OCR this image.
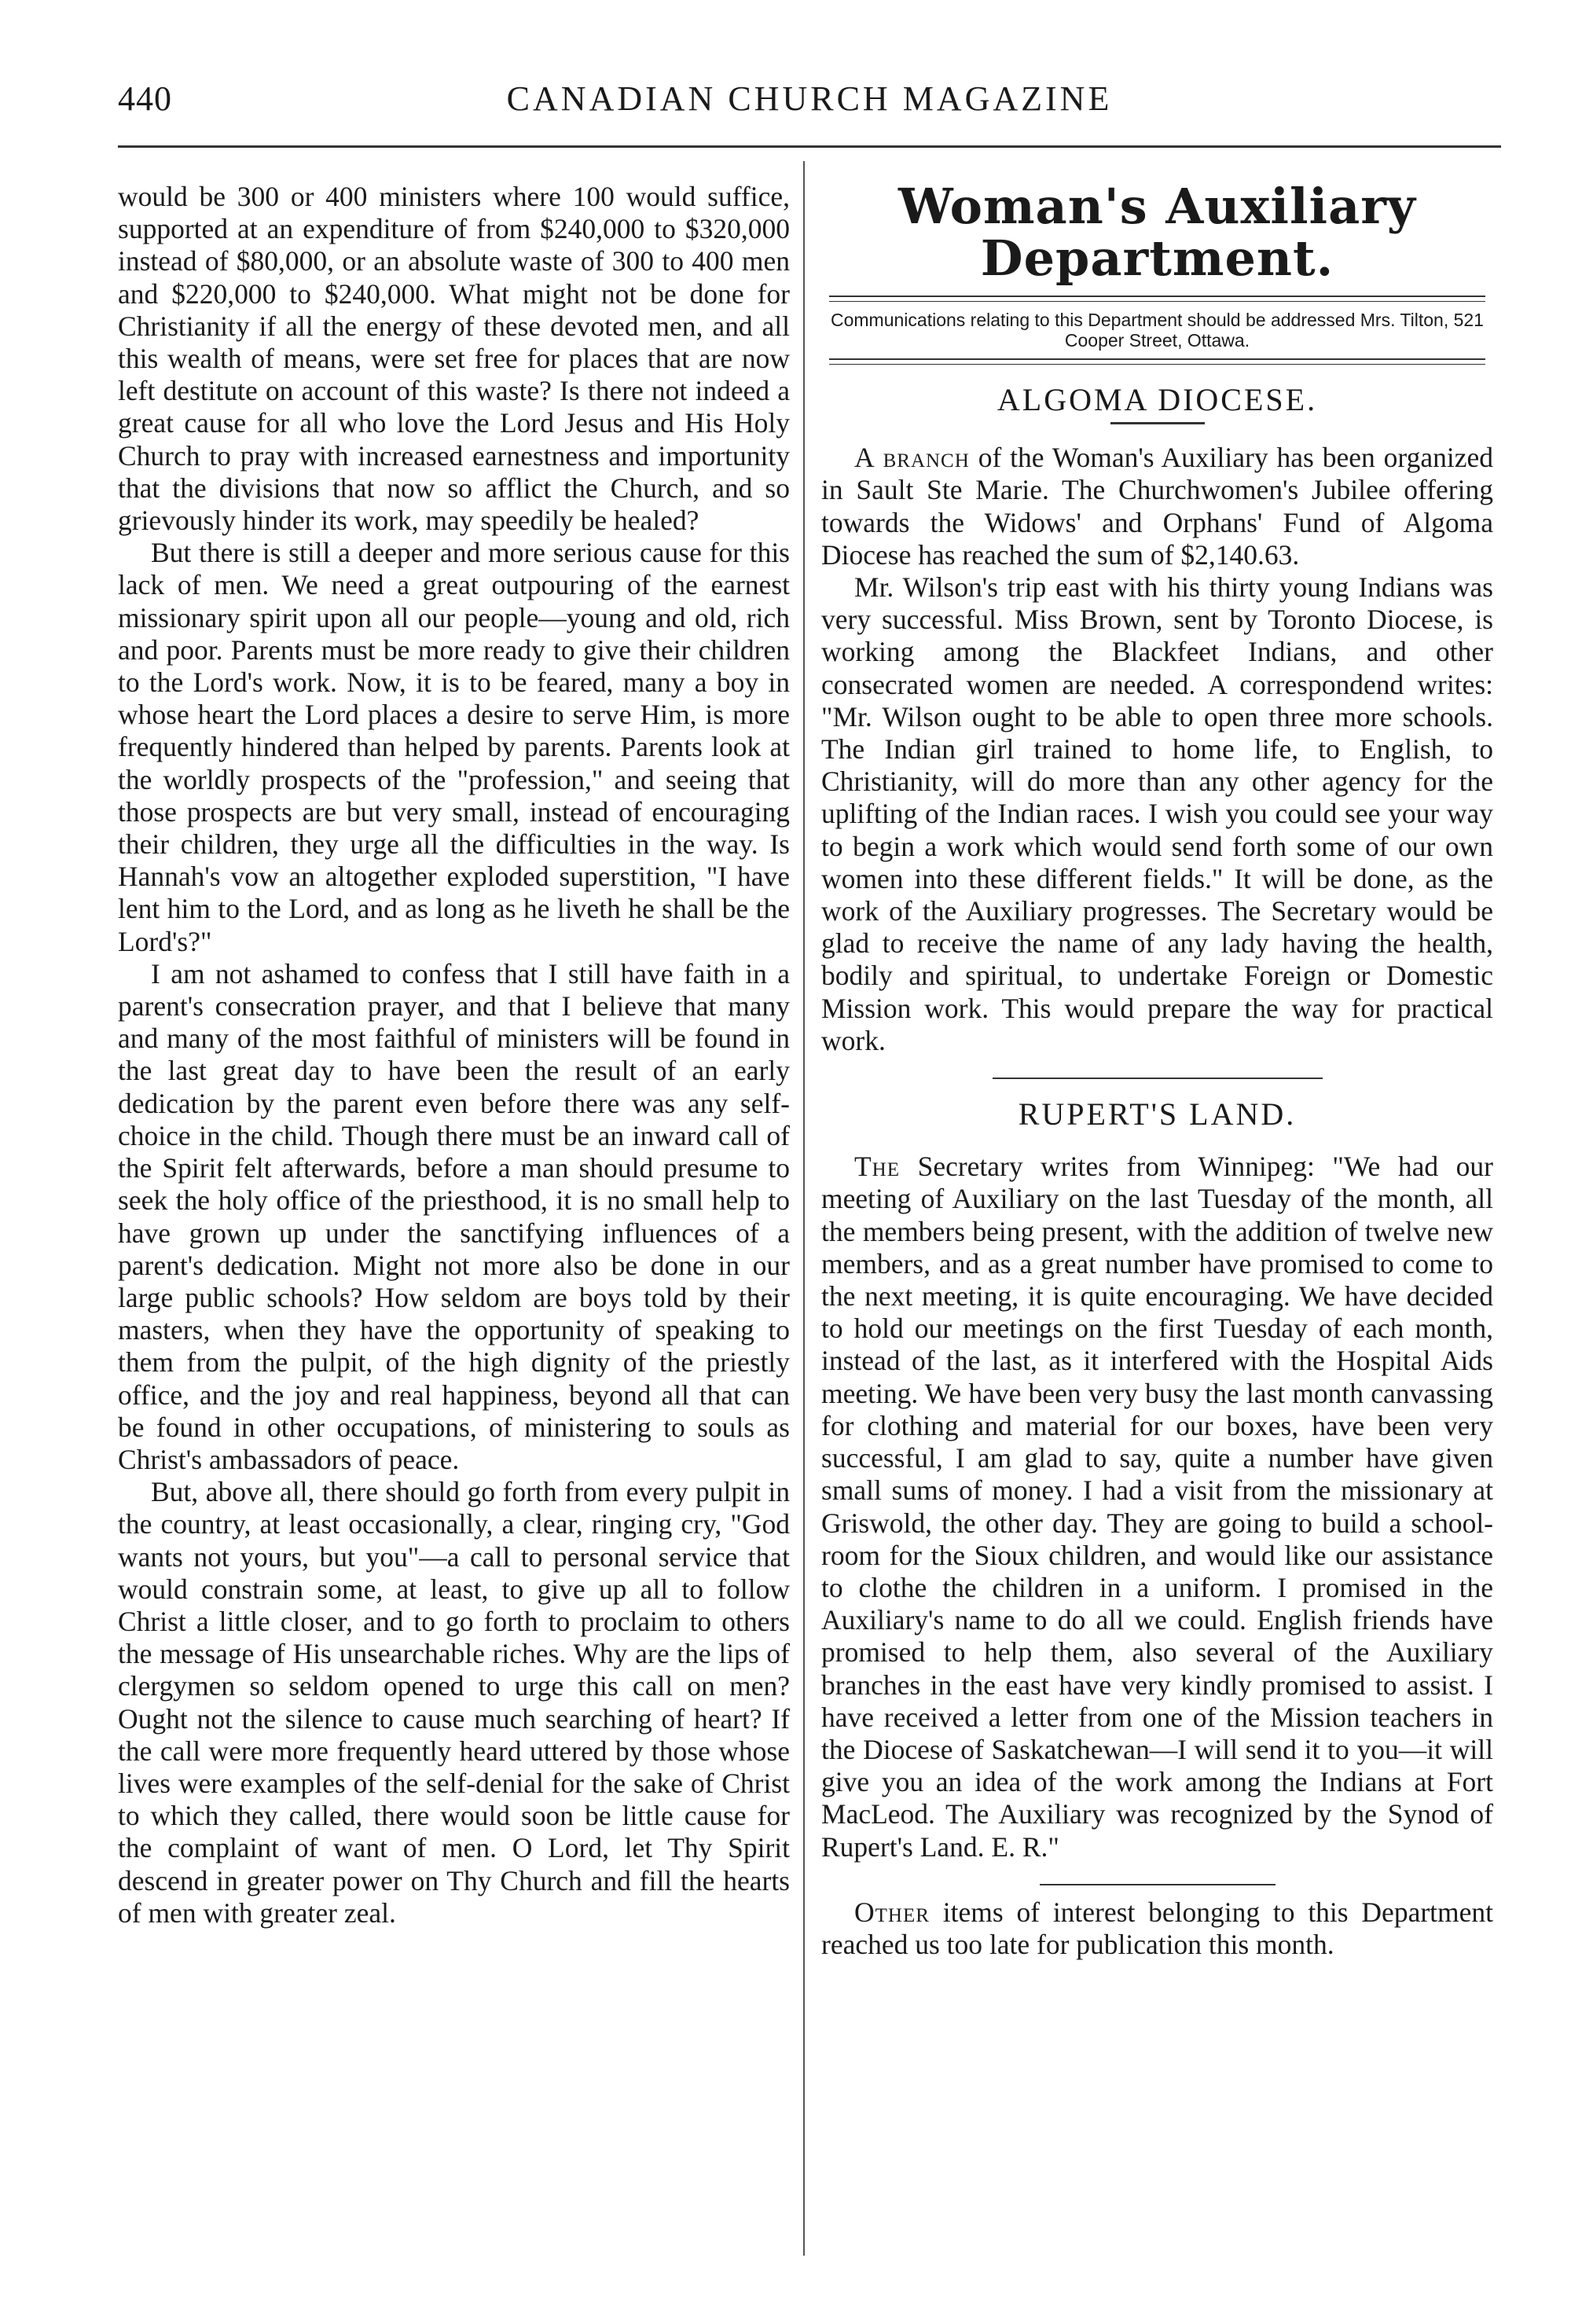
440	CANADIAN CHURCH MAGAZINE

would be 300 or 400 ministers where 100 would suffice, supported at an expenditure of from $240,000 to $320,000 instead of $80,000, or an absolute waste of 300 to 400 men and $220,000 to $240,000. What might not be done for Christianity if all the energy of these devoted men, and all this wealth of means, were set free for places that are now left destitute on account of this waste? Is there not indeed a great cause for all who love the Lord Jesus and His Holy Church to pray with increased earnestness and importunity that the divisions that now so afflict the Church, and so grievously hinder its work, may speedily be healed?

But there is still a deeper and more serious cause for this lack of men. We need a great outpouring of the earnest missionary spirit upon all our people—young and old, rich and poor. Parents must be more ready to give their children to the Lord's work. Now, it is to be feared, many a boy in whose heart the Lord places a desire to serve Him, is more frequently hindered than helped by parents. Parents look at the worldly prospects of the "profession," and seeing that those prospects are but very small, instead of encouraging their children, they urge all the difficulties in the way. Is Hannah's vow an altogether exploded superstition, "I have lent him to the Lord, and as long as he liveth he shall be the Lord's?"

I am not ashamed to confess that I still have faith in a parent's consecration prayer, and that I believe that many and many of the most faithful of ministers will be found in the last great day to have been the result of an early dedication by the parent even before there was any self-choice in the child. Though there must be an inward call of the Spirit felt afterwards, before a man should presume to seek the holy office of the priesthood, it is no small help to have grown up under the sanctifying influences of a parent's dedication. Might not more also be done in our large public schools? How seldom are boys told by their masters, when they have the opportunity of speaking to them from the pulpit, of the high dignity of the priestly office, and the joy and real happiness, beyond all that can be found in other occupations, of ministering to souls as Christ's ambassadors of peace.

But, above all, there should go forth from every pulpit in the country, at least occasionally, a clear, ringing cry, "God wants not yours, but you"—a call to personal service that would constrain some, at least, to give up all to follow Christ a little closer, and to go forth to proclaim to others the message of His unsearchable riches. Why are the lips of clergymen so seldom opened to urge this call on men? Ought not the silence to cause much searching of heart? If the call were more frequently heard uttered by those whose lives were examples of the self-denial for the sake of Christ to which they called, there would soon be little cause for the complaint of want of men. O Lord, let Thy Spirit descend in greater power on Thy Church and fill the hearts of men with greater zeal.

Woman's Auxiliary Department.
Communications relating to this Department should be addressed Mrs. Tilton, 521 Cooper Street, Ottawa.
ALGOMA DIOCESE.

A branch of the Woman's Auxiliary has been organized in Sault Ste Marie. The Churchwomen's Jubilee offering towards the Widows' and Orphans' Fund of Algoma Diocese has reached the sum of $2,140.63.

Mr. Wilson's trip east with his thirty young Indians was very successful. Miss Brown, sent by Toronto Diocese, is working among the Blackfeet Indians, and other consecrated women are needed. A correspondend writes: "Mr. Wilson ought to be able to open three more schools. The Indian girl trained to home life, to English, to Christianity, will do more than any other agency for the uplifting of the Indian races. I wish you could see your way to begin a work which would send forth some of our own women into these different fields." It will be done, as the work of the Auxiliary progresses. The Secretary would be glad to receive the name of any lady having the health, bodily and spiritual, to undertake Foreign or Domestic Mission work. This would prepare the way for practical work.

RUPERT'S LAND.

The Secretary writes from Winnipeg: "We had our meeting of Auxiliary on the last Tuesday of the month, all the members being present, with the addition of twelve new members, and as a great number have promised to come to the next meeting, it is quite encouraging. We have decided to hold our meetings on the first Tuesday of each month, instead of the last, as it interfered with the Hospital Aids meeting. We have been very busy the last month canvassing for clothing and material for our boxes, have been very successful, I am glad to say, quite a number have given small sums of money. I had a visit from the missionary at Griswold, the other day. They are going to build a school-room for the Sioux children, and would like our assistance to clothe the children in a uniform. I promised in the Auxiliary's name to do all we could. English friends have promised to help them, also several of the Auxiliary branches in the east have very kindly promised to assist. I have received a letter from one of the Mission teachers in the Diocese of Saskatchewan—I will send it to you—it will give you an idea of the work among the Indians at Fort MacLeod. The Auxiliary was recognized by the Synod of Rupert's Land. E. R."

Other items of interest belonging to this Department reached us too late for publication this month.
